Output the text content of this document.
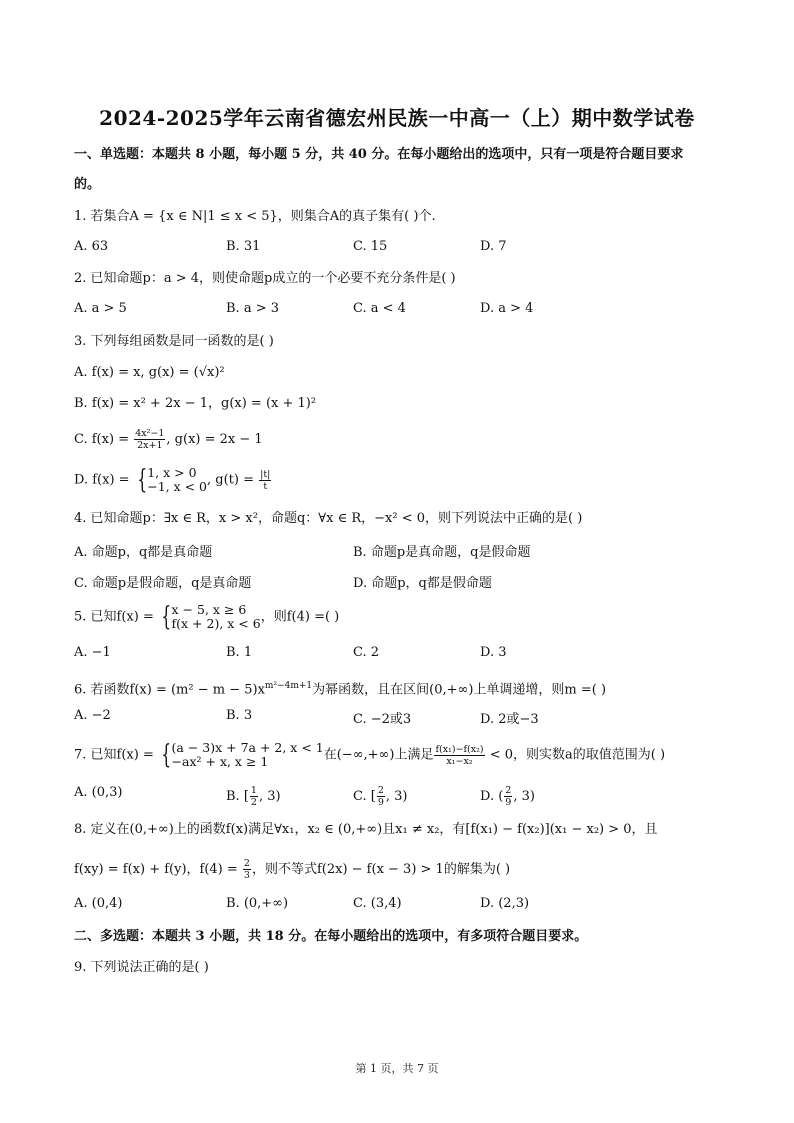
2024-2025学年云南省德宏州民族一中高一（上）期中数学试卷
一、单选题：本题共 8 小题，每小题 5 分，共 40 分。在每小题给出的选项中，只有一项是符合题目要求
的。
1. 若集合A = {x ∈ N|1 ≤ x < 5}，则集合A的真子集有( )个.
A. 63	B. 31	C. 15	D. 7
2. 已知命题p：a > 4，则使命题p成立的一个必要不充分条件是( )
A. a > 5	B. a > 3	C. a < 4	D. a > 4
3. 下列每组函数是同一函数的是( )
A. f(x) = x, g(x) = (√x)²
B. f(x) = x² + 2x − 1，g(x) = (x + 1)²
C. $f(x) = \frac{\text{4x²−1}}{2x+1}$ , g(x) = 2x − 1
D. f(x) = { 1, x > 0
−1, x < 0 , $g(t) = \frac{|t|}{t}$
4. 已知命题p：∃x ∈ R，x > x²，命题q：∀x ∈ R，−x² < 0，则下列说法中正确的是( )
A. 命题p，q都是真命题	B. 命题p是真命题，q是假命题
C. 命题p是假命题，q是真命题	D. 命题p，q都是假命题
5. 已知f(x) = { x − 5, x ≥ 6
f(x + 2), x < 6 ，则f(4) =( )
A. −1	B. 1	C. 2	D. 3
6. 若函数$f(x) = (m^2 - m - 5)x^{m^2-4m+1}$为幂函数，且在区间(0,+∞)上单调递增，则m =( )
A. −2	B. 3	C. −2或3	D. 2或−3
7. 已知f(x) = { (a − 3)x + 7a + 2, x < 1
−ax² + x, x ≥ 1	在(−∞,+∞)上满足 $\frac{\text{f(x₁)−f(x₂)}}{\text{x₁−x₂}} < 0$，则实数a的取值范围为( )
A. (0,3)	B. [ $\frac{1}{2}$ , 3)	C. [ $\frac{2}{9}$ , 3)	D. ( $\frac{2}{9}$ , 3)
8. 定义在(0,+∞)上的函数f(x)满足∀x₁，x₂ ∈ (0,+∞)且x₁ ≠ x₂，有[f(x₁) − f(x₂)](x₁ − x₂) > 0，且
f(xy) = f(x) + f(y)，$f(4) = \frac{2}{3}$ ，则不等式f(2x) − f(x − 3) > 1的解集为( )
A. (0,4)	B. (0,+∞)	C. (3,4)	D. (2,3)
二、多选题：本题共 3 小题，共 18 分。在每小题给出的选项中，有多项符合题目要求。
9. 下列说法正确的是( )
第 1 页，共 7 页
